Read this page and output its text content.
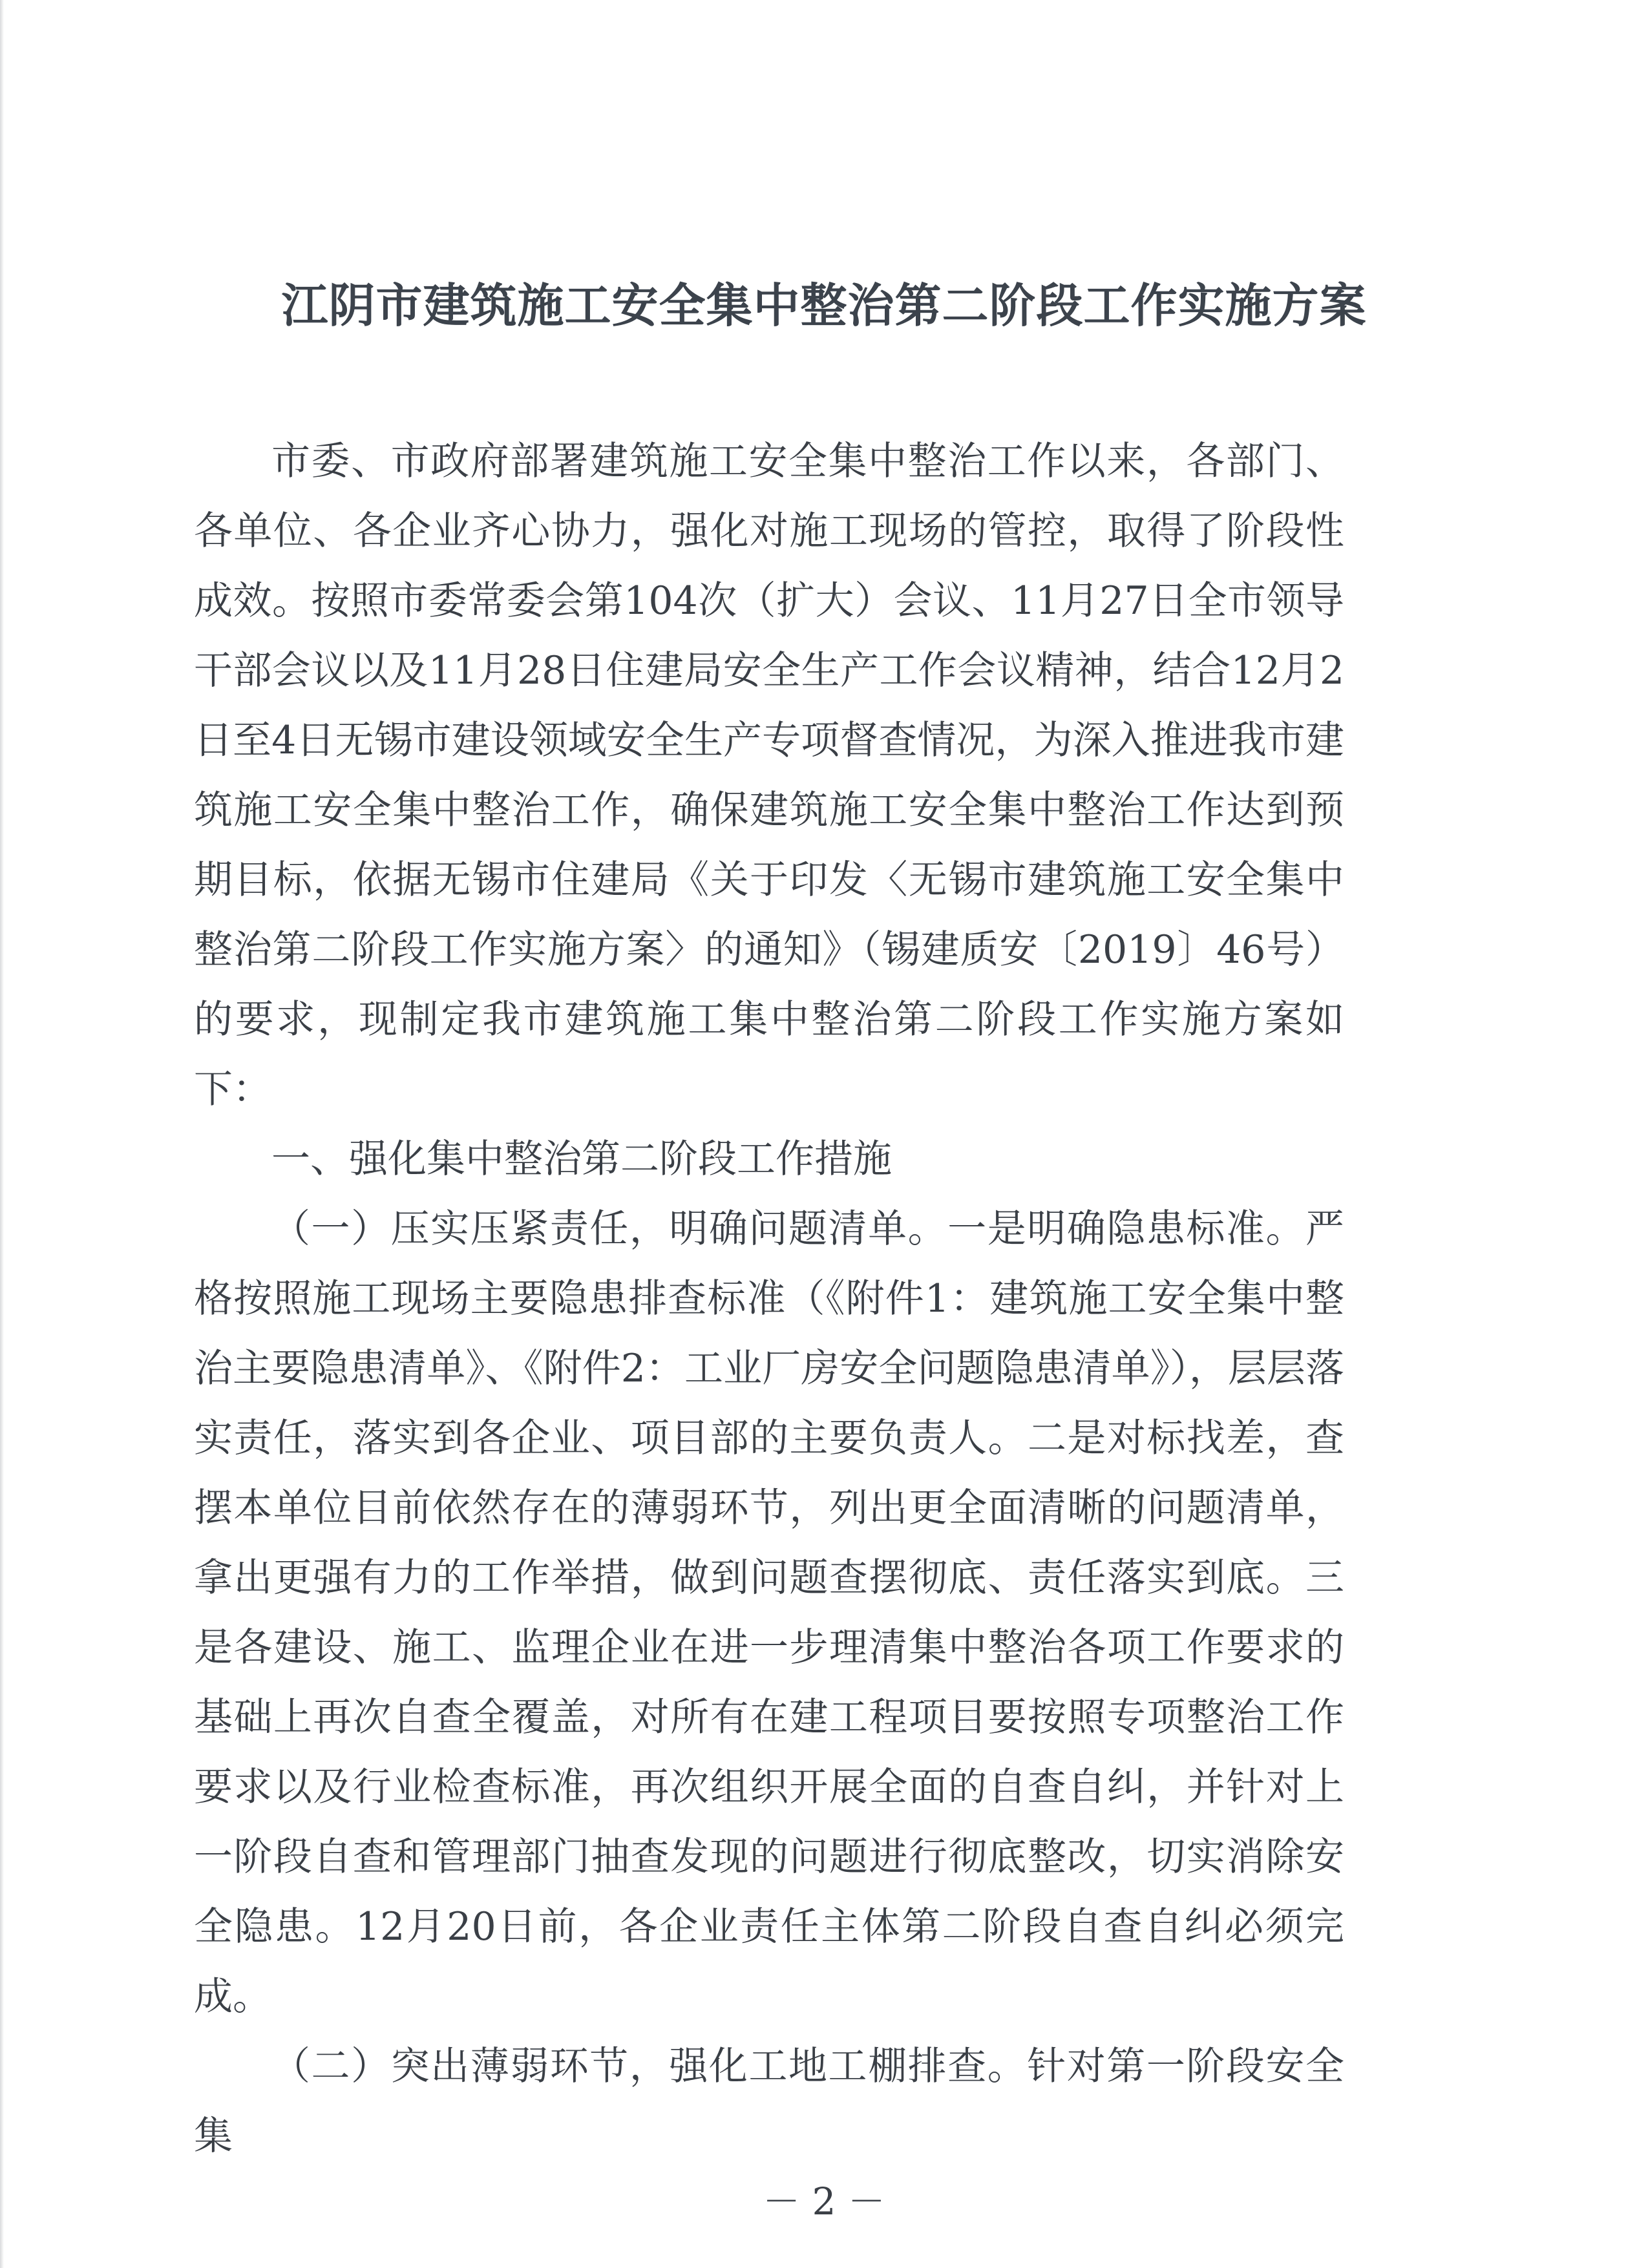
江阴市建筑施工安全集中整治第二阶段工作实施方案

市委、市政府部署建筑施工安全集中整治工作以来，各部门、各单位、各企业齐心协力，强化对施工现场的管控，取得了阶段性成效。按照市委常委会第104次（扩大）会议、11月27日全市领导干部会议以及11月28日住建局安全生产工作会议精神，结合12月2日至4日无锡市建设领域安全生产专项督查情况，为深入推进我市建筑施工安全集中整治工作，确保建筑施工安全集中整治工作达到预期目标，依据无锡市住建局《关于印发〈无锡市建筑施工安全集中整治第二阶段工作实施方案〉的通知》（锡建质安〔2019〕46号）的要求，现制定我市建筑施工集中整治第二阶段工作实施方案如下：

一、强化集中整治第二阶段工作措施

（一）压实压紧责任，明确问题清单。一是明确隐患标准。严格按照施工现场主要隐患排查标准（《附件1：建筑施工安全集中整治主要隐患清单》、《附件2：工业厂房安全问题隐患清单》），层层落实责任，落实到各企业、项目部的主要负责人。二是对标找差，查摆本单位目前依然存在的薄弱环节，列出更全面清晰的问题清单，拿出更强有力的工作举措，做到问题查摆彻底、责任落实到底。三是各建设、施工、监理企业在进一步理清集中整治各项工作要求的基础上再次自查全覆盖，对所有在建工程项目要按照专项整治工作要求以及行业检查标准，再次组织开展全面的自查自纠，并针对上一阶段自查和管理部门抽查发现的问题进行彻底整改，切实消除安全隐患。12月20日前，各企业责任主体第二阶段自查自纠必须完成。

（二）突出薄弱环节，强化工地工棚排查。针对第一阶段安全集

－ 2 －
